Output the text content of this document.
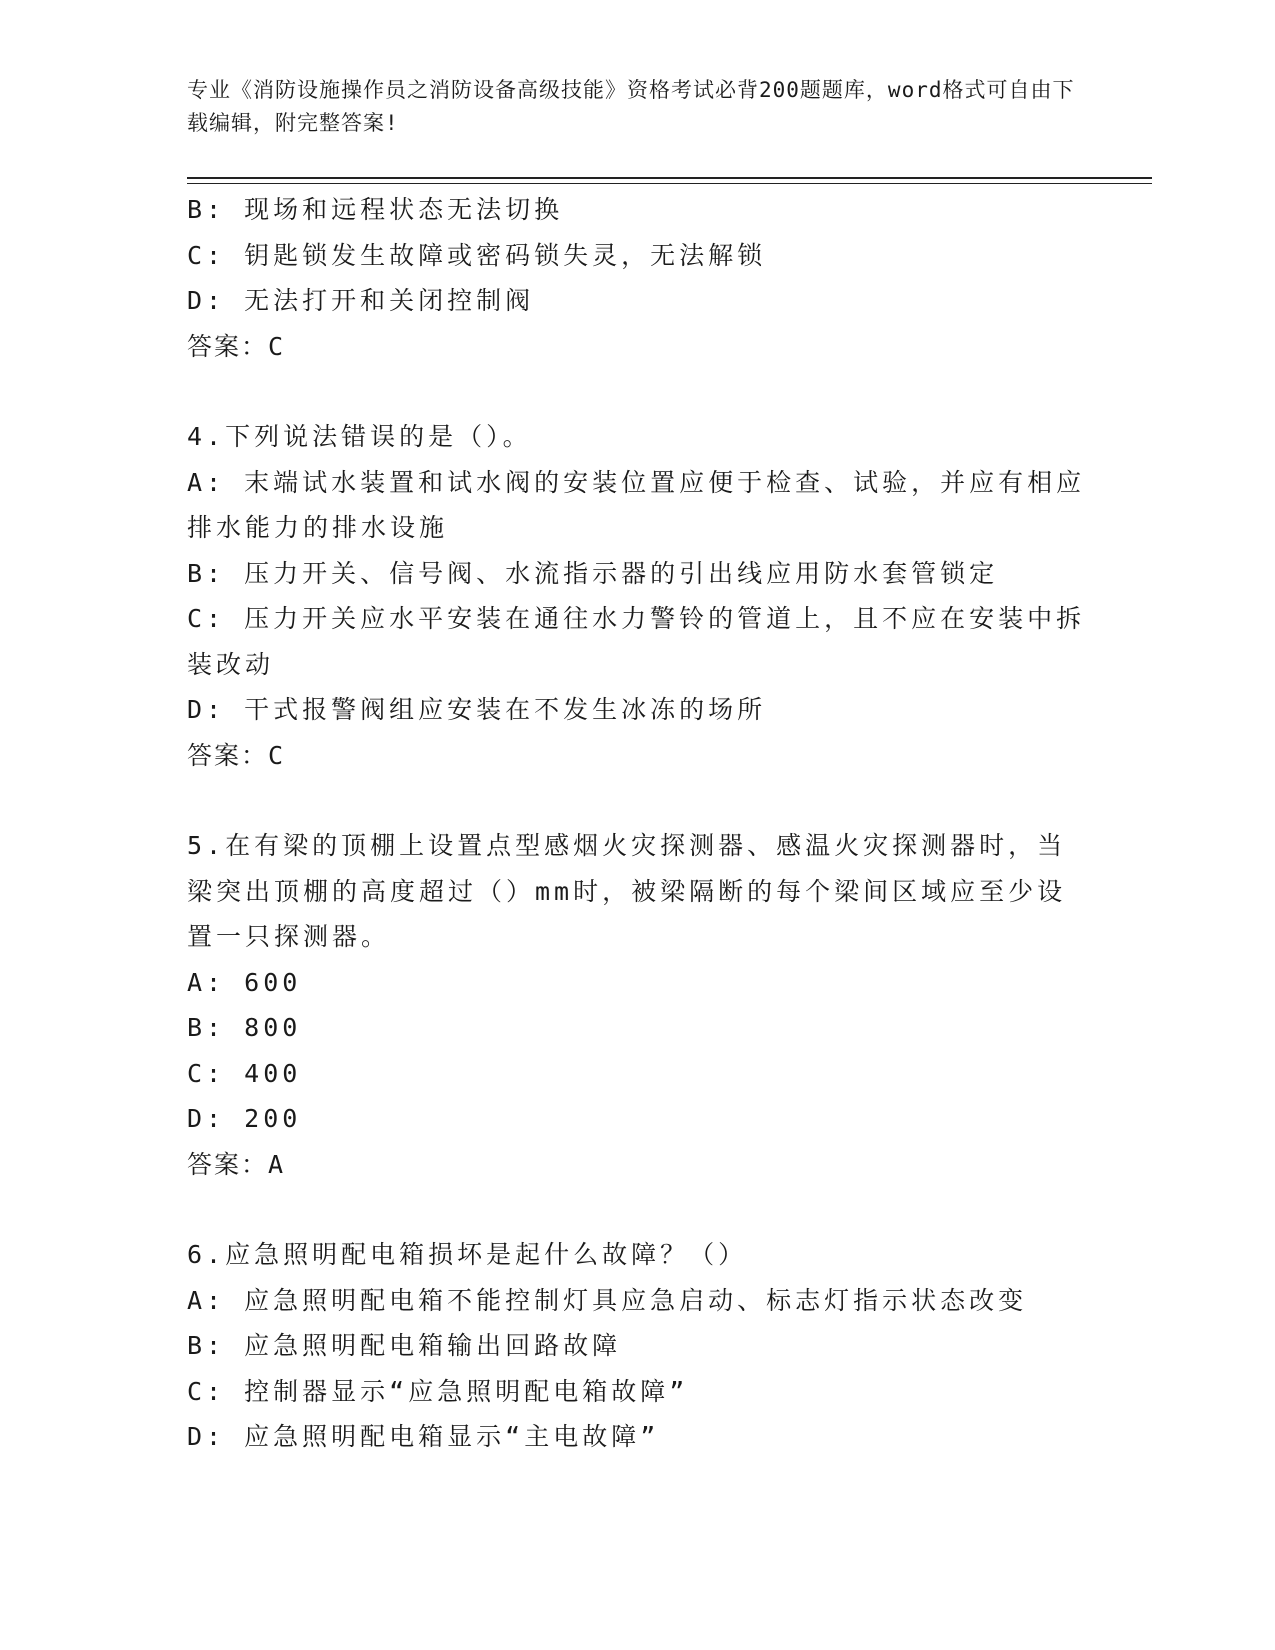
专业《消防设施操作员之消防设备高级技能》资格考试必背200题题库，word格式可自由下载编辑，附完整答案!

B: 现场和远程状态无法切换

C: 钥匙锁发生故障或密码锁失灵，无法解锁

D: 无法打开和关闭控制阀

答案：C

4.下列说法错误的是（）。

A: 末端试水装置和试水阀的安装位置应便于检查、试验，并应有相应排水能力的排水设施

B: 压力开关、信号阀、水流指示器的引出线应用防水套管锁定

C: 压力开关应水平安装在通往水力警铃的管道上，且不应在安装中拆装改动

D: 干式报警阀组应安装在不发生冰冻的场所

答案：C

5.在有梁的顶棚上设置点型感烟火灾探测器、感温火灾探测器时，当梁突出顶棚的高度超过（）mm时，被梁隔断的每个梁间区域应至少设置一只探测器。

A: 600

B: 800

C: 400

D: 200

答案：A

6.应急照明配电箱损坏是起什么故障？（）

A: 应急照明配电箱不能控制灯具应急启动、标志灯指示状态改变

B: 应急照明配电箱输出回路故障

C: 控制器显示“应急照明配电箱故障”

D: 应急照明配电箱显示“主电故障”
